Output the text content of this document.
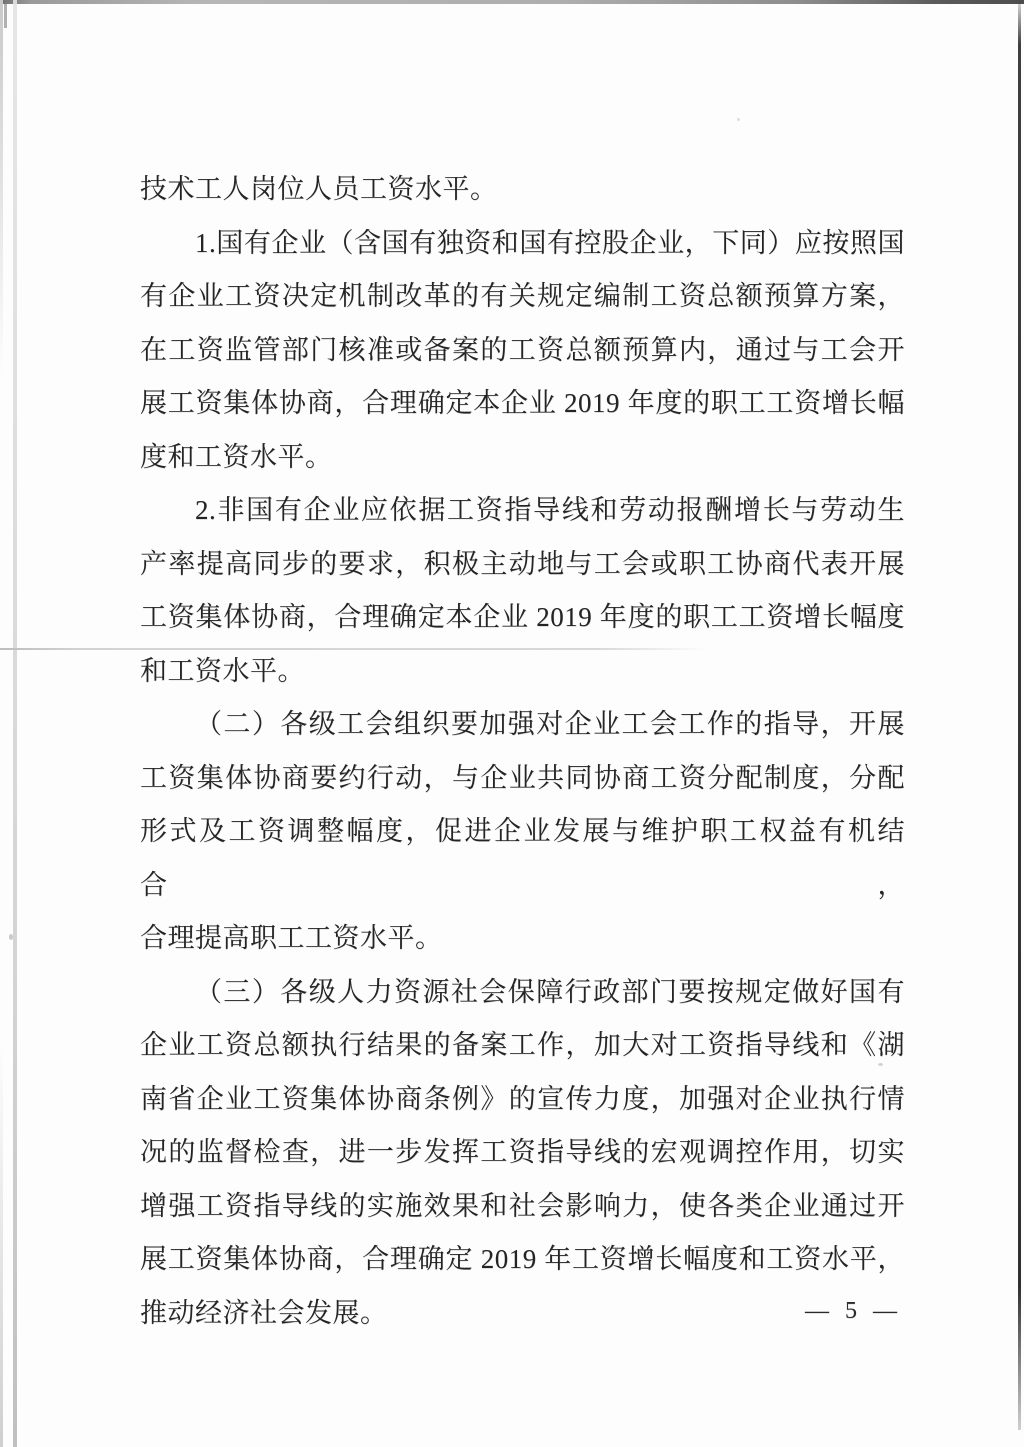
技术工人岗位人员工资水平。
1.国有企业（含国有独资和国有控股企业，下同）应按照国
有企业工资决定机制改革的有关规定编制工资总额预算方案，
在工资监管部门核准或备案的工资总额预算内，通过与工会开
展工资集体协商，合理确定本企业 2019 年度的职工工资增长幅
度和工资水平。
2.非国有企业应依据工资指导线和劳动报酬增长与劳动生
产率提高同步的要求，积极主动地与工会或职工协商代表开展
工资集体协商，合理确定本企业 2019 年度的职工工资增长幅度
和工资水平。
（二）各级工会组织要加强对企业工会工作的指导，开展
工资集体协商要约行动，与企业共同协商工资分配制度，分配
形式及工资调整幅度，促进企业发展与维护职工权益有机结合，
合理提高职工工资水平。
（三）各级人力资源社会保障行政部门要按规定做好国有
企业工资总额执行结果的备案工作，加大对工资指导线和《湖
南省企业工资集体协商条例》的宣传力度，加强对企业执行情
况的监督检查，进一步发挥工资指导线的宏观调控作用，切实
增强工资指导线的实施效果和社会影响力，使各类企业通过开
展工资集体协商，合理确定 2019 年工资增长幅度和工资水平，
推动经济社会发展。	— 5 —
